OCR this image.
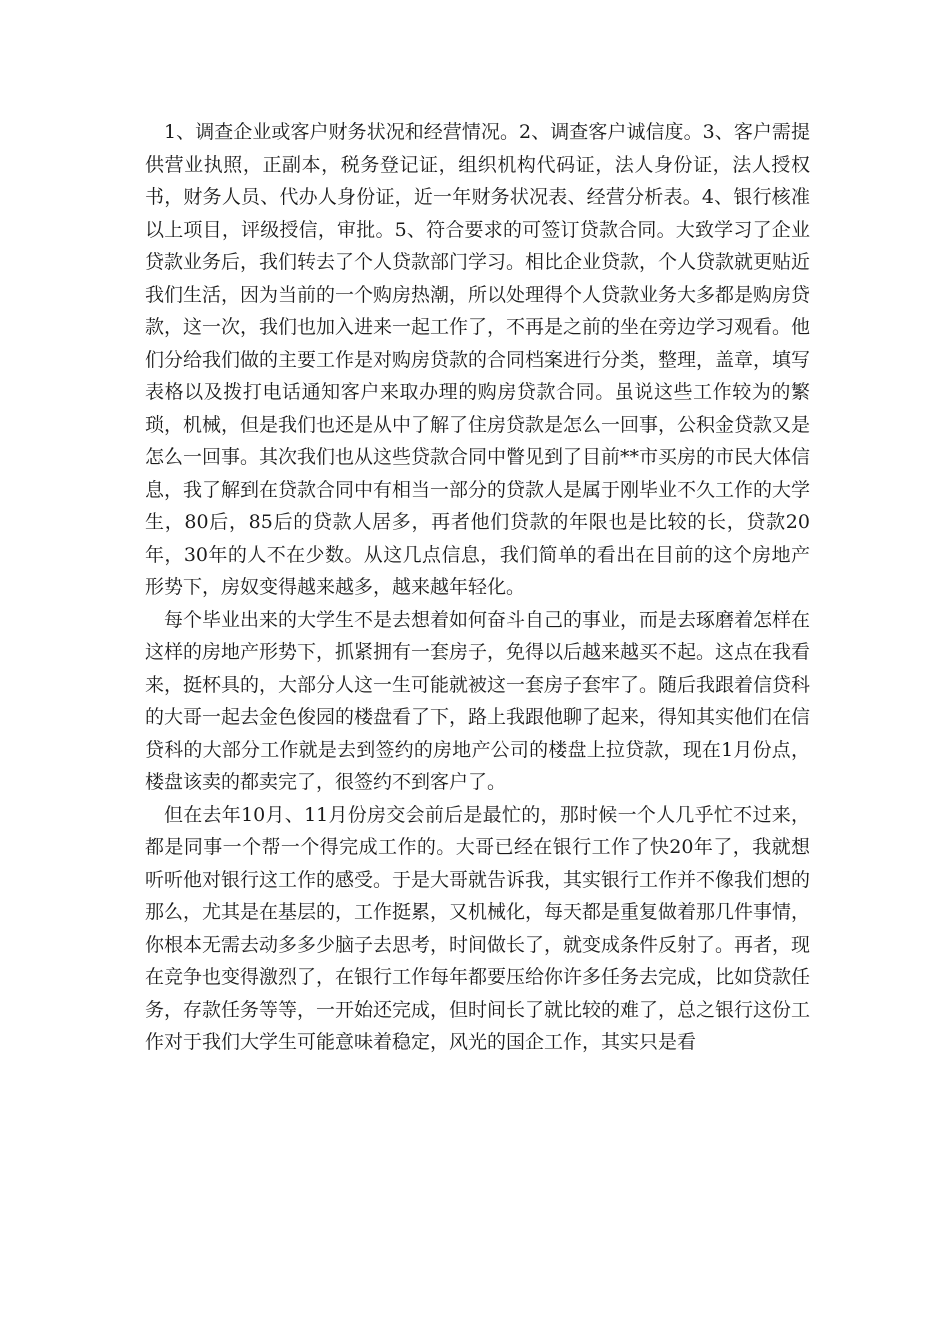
1、调查企业或客户财务状况和经营情况。2、调查客户诚信度。3、客户需提供营业执照，正副本，税务登记证，组织机构代码证，法人身份证，法人授权书，财务人员、代办人身份证，近一年财务状况表、经营分析表。4、银行核准以上项目，评级授信，审批。5、符合要求的可签订贷款合同。大致学习了企业贷款业务后，我们转去了个人贷款部门学习。相比企业贷款，个人贷款就更贴近我们生活，因为当前的一个购房热潮，所以处理得个人贷款业务大多都是购房贷款，这一次，我们也加入进来一起工作了，不再是之前的坐在旁边学习观看。他们分给我们做的主要工作是对购房贷款的合同档案进行分类，整理，盖章，填写表格以及拨打电话通知客户来取办理的购房贷款合同。虽说这些工作较为的繁琐，机械，但是我们也还是从中了解了住房贷款是怎么一回事，公积金贷款又是怎么一回事。其次我们也从这些贷款合同中瞥见到了目前**市买房的市民大体信息，我了解到在贷款合同中有相当一部分的贷款人是属于刚毕业不久工作的大学生，80后，85后的贷款人居多，再者他们贷款的年限也是比较的长，贷款20年，30年的人不在少数。从这几点信息，我们简单的看出在目前的这个房地产形势下，房奴变得越来越多，越来越年轻化。

每个毕业出来的大学生不是去想着如何奋斗自己的事业，而是去琢磨着怎样在这样的房地产形势下，抓紧拥有一套房子，免得以后越来越买不起。这点在我看来，挺杯具的，大部分人这一生可能就被这一套房子套牢了。随后我跟着信贷科的大哥一起去金色俊园的楼盘看了下，路上我跟他聊了起来，得知其实他们在信贷科的大部分工作就是去到签约的房地产公司的楼盘上拉贷款，现在1月份点，楼盘该卖的都卖完了，很签约不到客户了。

但在去年10月、11月份房交会前后是最忙的，那时候一个人几乎忙不过来，都是同事一个帮一个得完成工作的。大哥已经在银行工作了快20年了，我就想听听他对银行这工作的感受。于是大哥就告诉我，其实银行工作并不像我们想的那么，尤其是在基层的，工作挺累，又机械化，每天都是重复做着那几件事情，你根本无需去动多多少脑子去思考，时间做长了，就变成条件反射了。再者，现在竞争也变得激烈了，在银行工作每年都要压给你许多任务去完成，比如贷款任务，存款任务等等，一开始还完成，但时间长了就比较的难了，总之银行这份工作对于我们大学生可能意味着稳定，风光的国企工作，其实只是看
